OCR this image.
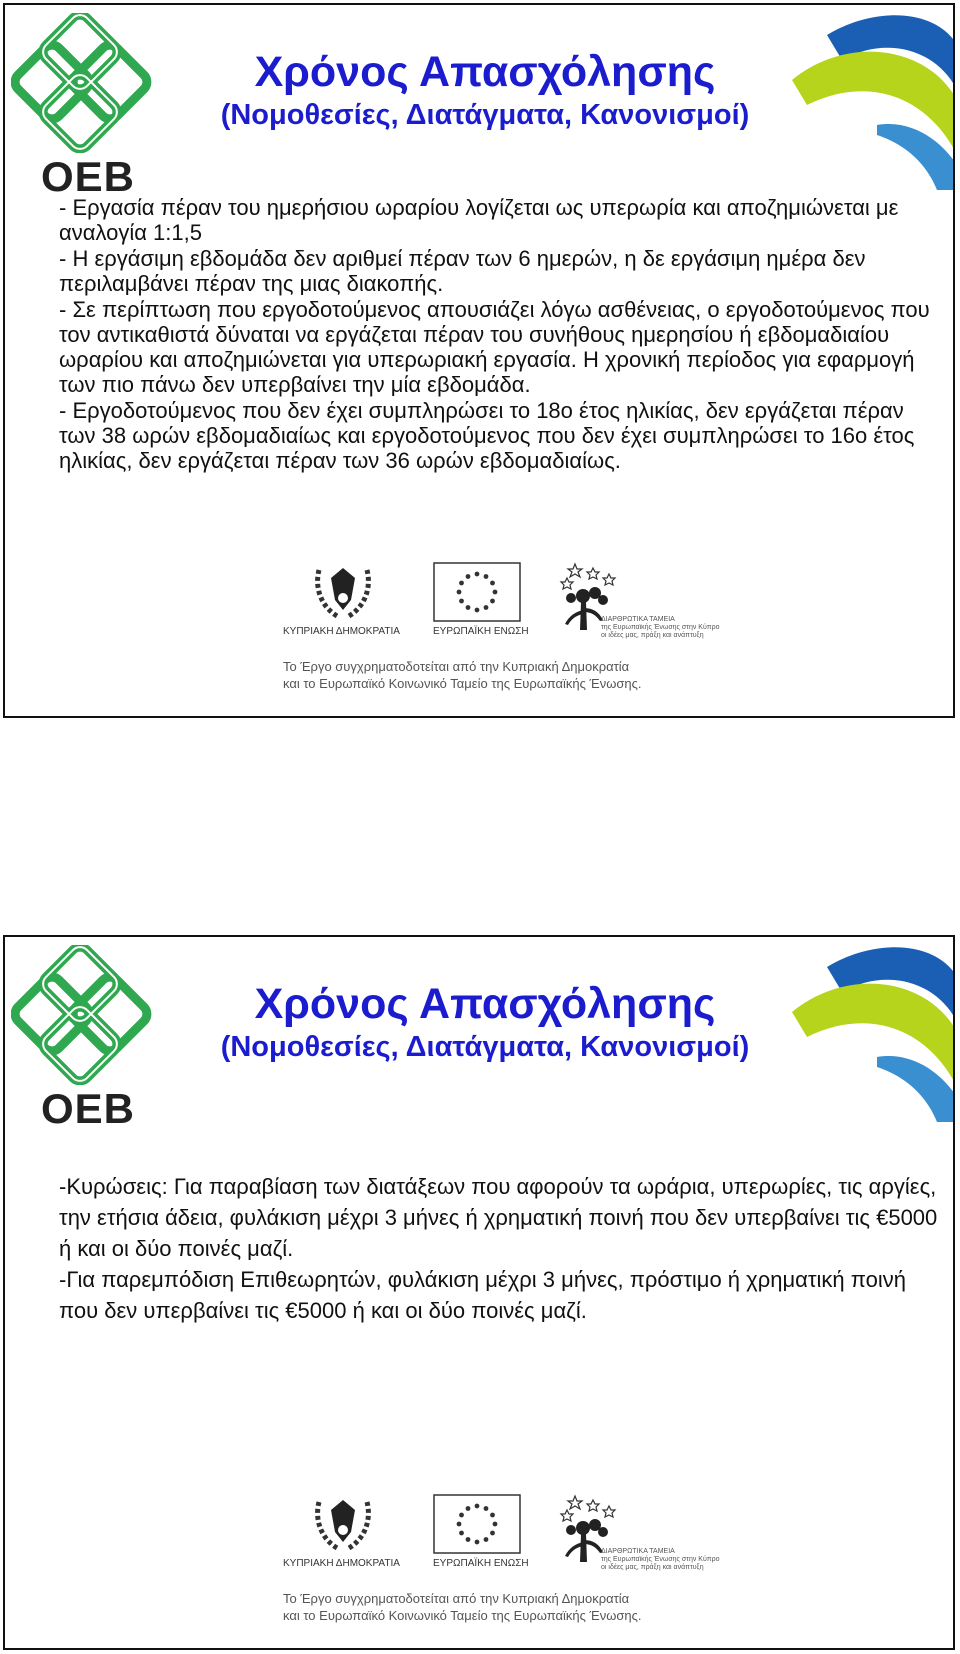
OEB
Χρόνος Απασχόλησης
(Νομοθεσίες, Διατάγματα, Κανονισμοί)

- Εργασία πέραν του ημερήσιου ωραρίου λογίζεται ως υπερωρία και αποζημιώνεται με αναλογία 1:1,5

- Η εργάσιμη εβδομάδα δεν αριθμεί πέραν των 6 ημερών, η δε εργάσιμη ημέρα δεν περιλαμβάνει πέραν της μιας διακοπής.

- Σε περίπτωση που εργοδοτούμενος απουσιάζει λόγω ασθένειας, ο εργοδοτούμενος που τον αντικαθιστά δύναται να εργάζεται πέραν του συνήθους ημερησίου ή εβδομαδιαίου ωραρίου και αποζημιώνεται για υπερωριακή εργασία. Η χρονική περίοδος για εφαρμογή των πιο πάνω δεν υπερβαίνει την μία εβδομάδα.

- Εργοδοτούμενος που δεν έχει συμπληρώσει το 18ο έτος ηλικίας, δεν εργάζεται πέραν των 38 ωρών εβδομαδιαίως και εργοδοτούμενος που δεν έχει συμπληρώσει το 16ο έτος ηλικίας, δεν εργάζεται πέραν των 36 ωρών εβδομαδιαίως.

ΚΥΠΡΙΑΚΗ ΔΗΜΟΚΡΑΤΙΑ	ΕΥΡΩΠΑΪΚΗ ΕΝΩΣΗ
ΔΙΑΡΘΡΩΤΙΚΑ ΤΑΜΕΙΑ
της Ευρωπαϊκής Ένωσης στην Κύπρο
οι ιδέες μας, πράξη και ανάπτυξη
Το Έργο συγχρηματοδοτείται από την Κυπριακή Δημοκρατία
και το Ευρωπαϊκό Κοινωνικό Ταμείο της Ευρωπαϊκής Ένωσης.
OEB
Χρόνος Απασχόλησης
(Νομοθεσίες, Διατάγματα, Κανονισμοί)

-Κυρώσεις: Για παραβίαση των διατάξεων που αφορούν τα ωράρια, υπερωρίες, τις αργίες, την ετήσια άδεια, φυλάκιση μέχρι 3 μήνες ή χρηματική ποινή που δεν υπερβαίνει τις €5000 ή και οι δύο ποινές μαζί.

-Για παρεμπόδιση Επιθεωρητών, φυλάκιση μέχρι 3 μήνες, πρόστιμο ή χρηματική ποινή που δεν υπερβαίνει τις €5000 ή και οι δύο ποινές μαζί.

ΚΥΠΡΙΑΚΗ ΔΗΜΟΚΡΑΤΙΑ	ΕΥΡΩΠΑΪΚΗ ΕΝΩΣΗ
ΔΙΑΡΘΡΩΤΙΚΑ ΤΑΜΕΙΑ
της Ευρωπαϊκής Ένωσης στην Κύπρο
οι ιδέες μας, πράξη και ανάπτυξη
Το Έργο συγχρηματοδοτείται από την Κυπριακή Δημοκρατία
και το Ευρωπαϊκό Κοινωνικό Ταμείο της Ευρωπαϊκής Ένωσης.
